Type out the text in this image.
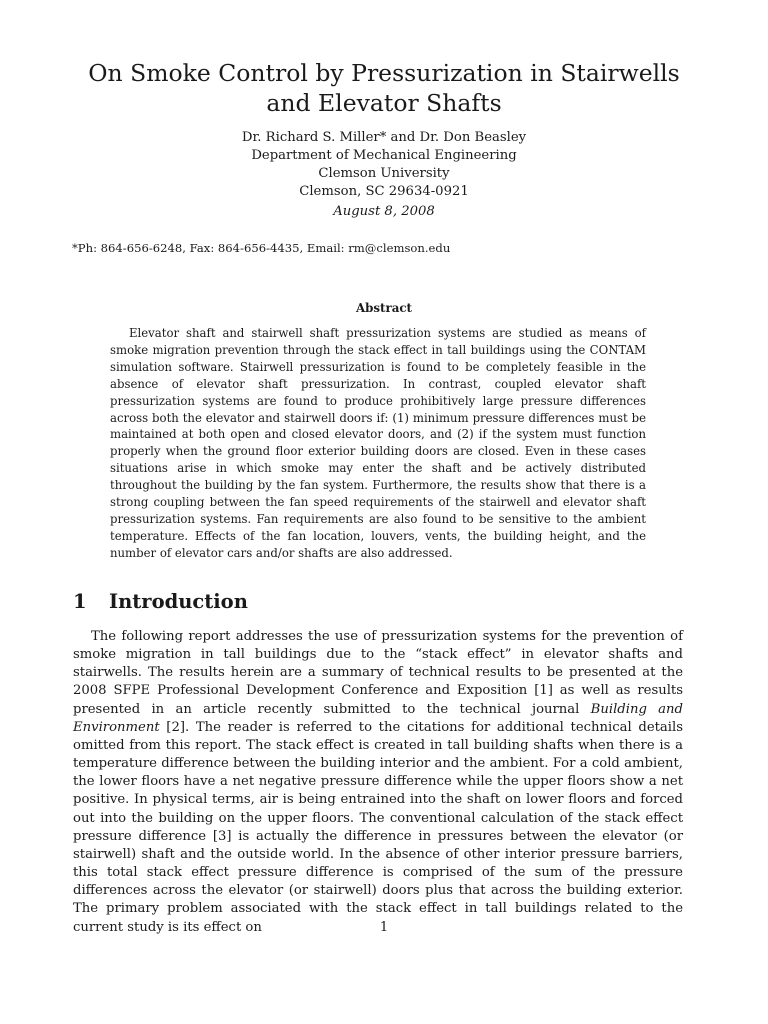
On Smoke Control by Pressurization in Stairwells and Elevator Shafts
Dr. Richard S. Miller* and Dr. Don Beasley
Department of Mechanical Engineering
Clemson University
Clemson, SC 29634-0921
August 8, 2008
*Ph: 864-656-6248, Fax: 864-656-4435, Email: rm@clemson.edu
Abstract

Elevator shaft and stairwell shaft pressurization systems are studied as means of smoke migration prevention through the stack effect in tall buildings using the CONTAM simulation software. Stairwell pressurization is found to be completely feasible in the absence of elevator shaft pressurization. In contrast, coupled elevator shaft pressurization systems are found to produce prohibitively large pressure differences across both the elevator and stairwell doors if: (1) minimum pressure differences must be maintained at both open and closed elevator doors, and (2) if the system must function properly when the ground floor exterior building doors are closed. Even in these cases situations arise in which smoke may enter the shaft and be actively distributed throughout the building by the fan system. Furthermore, the results show that there is a strong coupling between the fan speed requirements of the stairwell and elevator shaft pressurization systems. Fan requirements are also found to be sensitive to the ambient temperature. Effects of the fan location, louvers, vents, the building height, and the number of elevator cars and/or shafts are also addressed.

1 Introduction

The following report addresses the use of pressurization systems for the prevention of smoke migration in tall buildings due to the “stack effect” in elevator shafts and stairwells. The results herein are a summary of technical results to be presented at the 2008 SFPE Professional Development Conference and Exposition [1] as well as results presented in an article recently submitted to the technical journal Building and Environment [2]. The reader is referred to the citations for additional technical details omitted from this report. The stack effect is created in tall building shafts when there is a temperature difference between the building interior and the ambient. For a cold ambient, the lower floors have a net negative pressure difference while the upper floors show a net positive. In physical terms, air is being entrained into the shaft on lower floors and forced out into the building on the upper floors. The conventional calculation of the stack effect pressure difference [3] is actually the difference in pressures between the elevator (or stairwell) shaft and the outside world. In the absence of other interior pressure barriers, this total stack effect pressure difference is comprised of the sum of the pressure differences across the elevator (or stairwell) doors plus that across the building exterior. The primary problem associated with the stack effect in tall buildings related to the current study is its effect on	1
